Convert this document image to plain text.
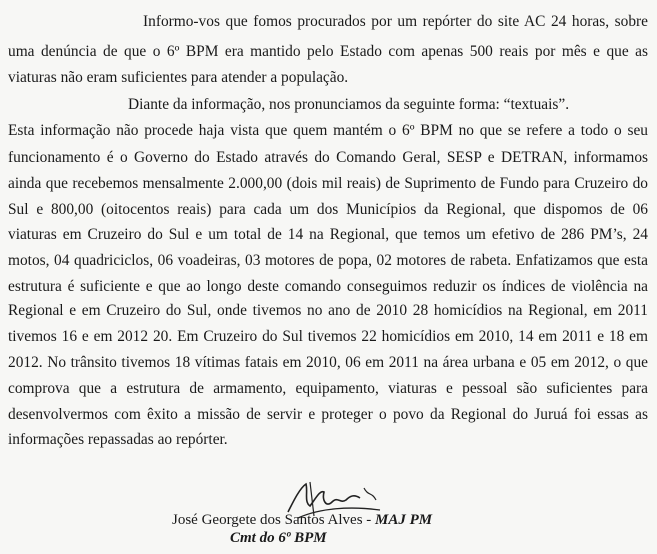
Informo-vos que fomos procurados por um repórter do site AC 24 horas, sobre
uma denúncia de que o 6º BPM era mantido pelo Estado com apenas 500 reais por mês e que as
viaturas não eram suficientes para atender a população.
Diante da informação, nos pronunciamos da seguinte forma: “textuais”.
Esta informação não procede haja vista que quem mantém o 6º BPM no que se refere a todo o seu
funcionamento é o Governo do Estado através do Comando Geral, SESP e DETRAN, informamos
ainda que recebemos mensalmente 2.000,00 (dois mil reais) de Suprimento de Fundo para Cruzeiro do
Sul e 800,00 (oitocentos reais) para cada um dos Municípios da Regional, que dispomos de 06
viaturas em Cruzeiro do Sul e um total de 14 na Regional, que temos um efetivo de 286 PM’s, 24
motos, 04 quadriciclos, 06 voadeiras, 03 motores de popa, 02 motores de rabeta. Enfatizamos que esta
estrutura é suficiente e que ao longo deste comando conseguimos reduzir os índices de violência na
Regional e em Cruzeiro do Sul, onde tivemos no ano de 2010 28 homicídios na Regional, em 2011
tivemos 16 e em 2012 20. Em Cruzeiro do Sul tivemos 22 homicídios em 2010, 14 em 2011 e 18 em
2012. No trânsito tivemos 18 vítimas fatais em 2010, 06 em 2011 na área urbana e 05 em 2012, o que
comprova que a estrutura de armamento, equipamento, viaturas e pessoal são suficientes para
desenvolvermos com êxito a missão de servir e proteger o povo da Regional do Juruá foi essas as
informações repassadas ao repórter.
José Georgete dos Santos Alves - MAJ PM
Cmt do 6º BPM
